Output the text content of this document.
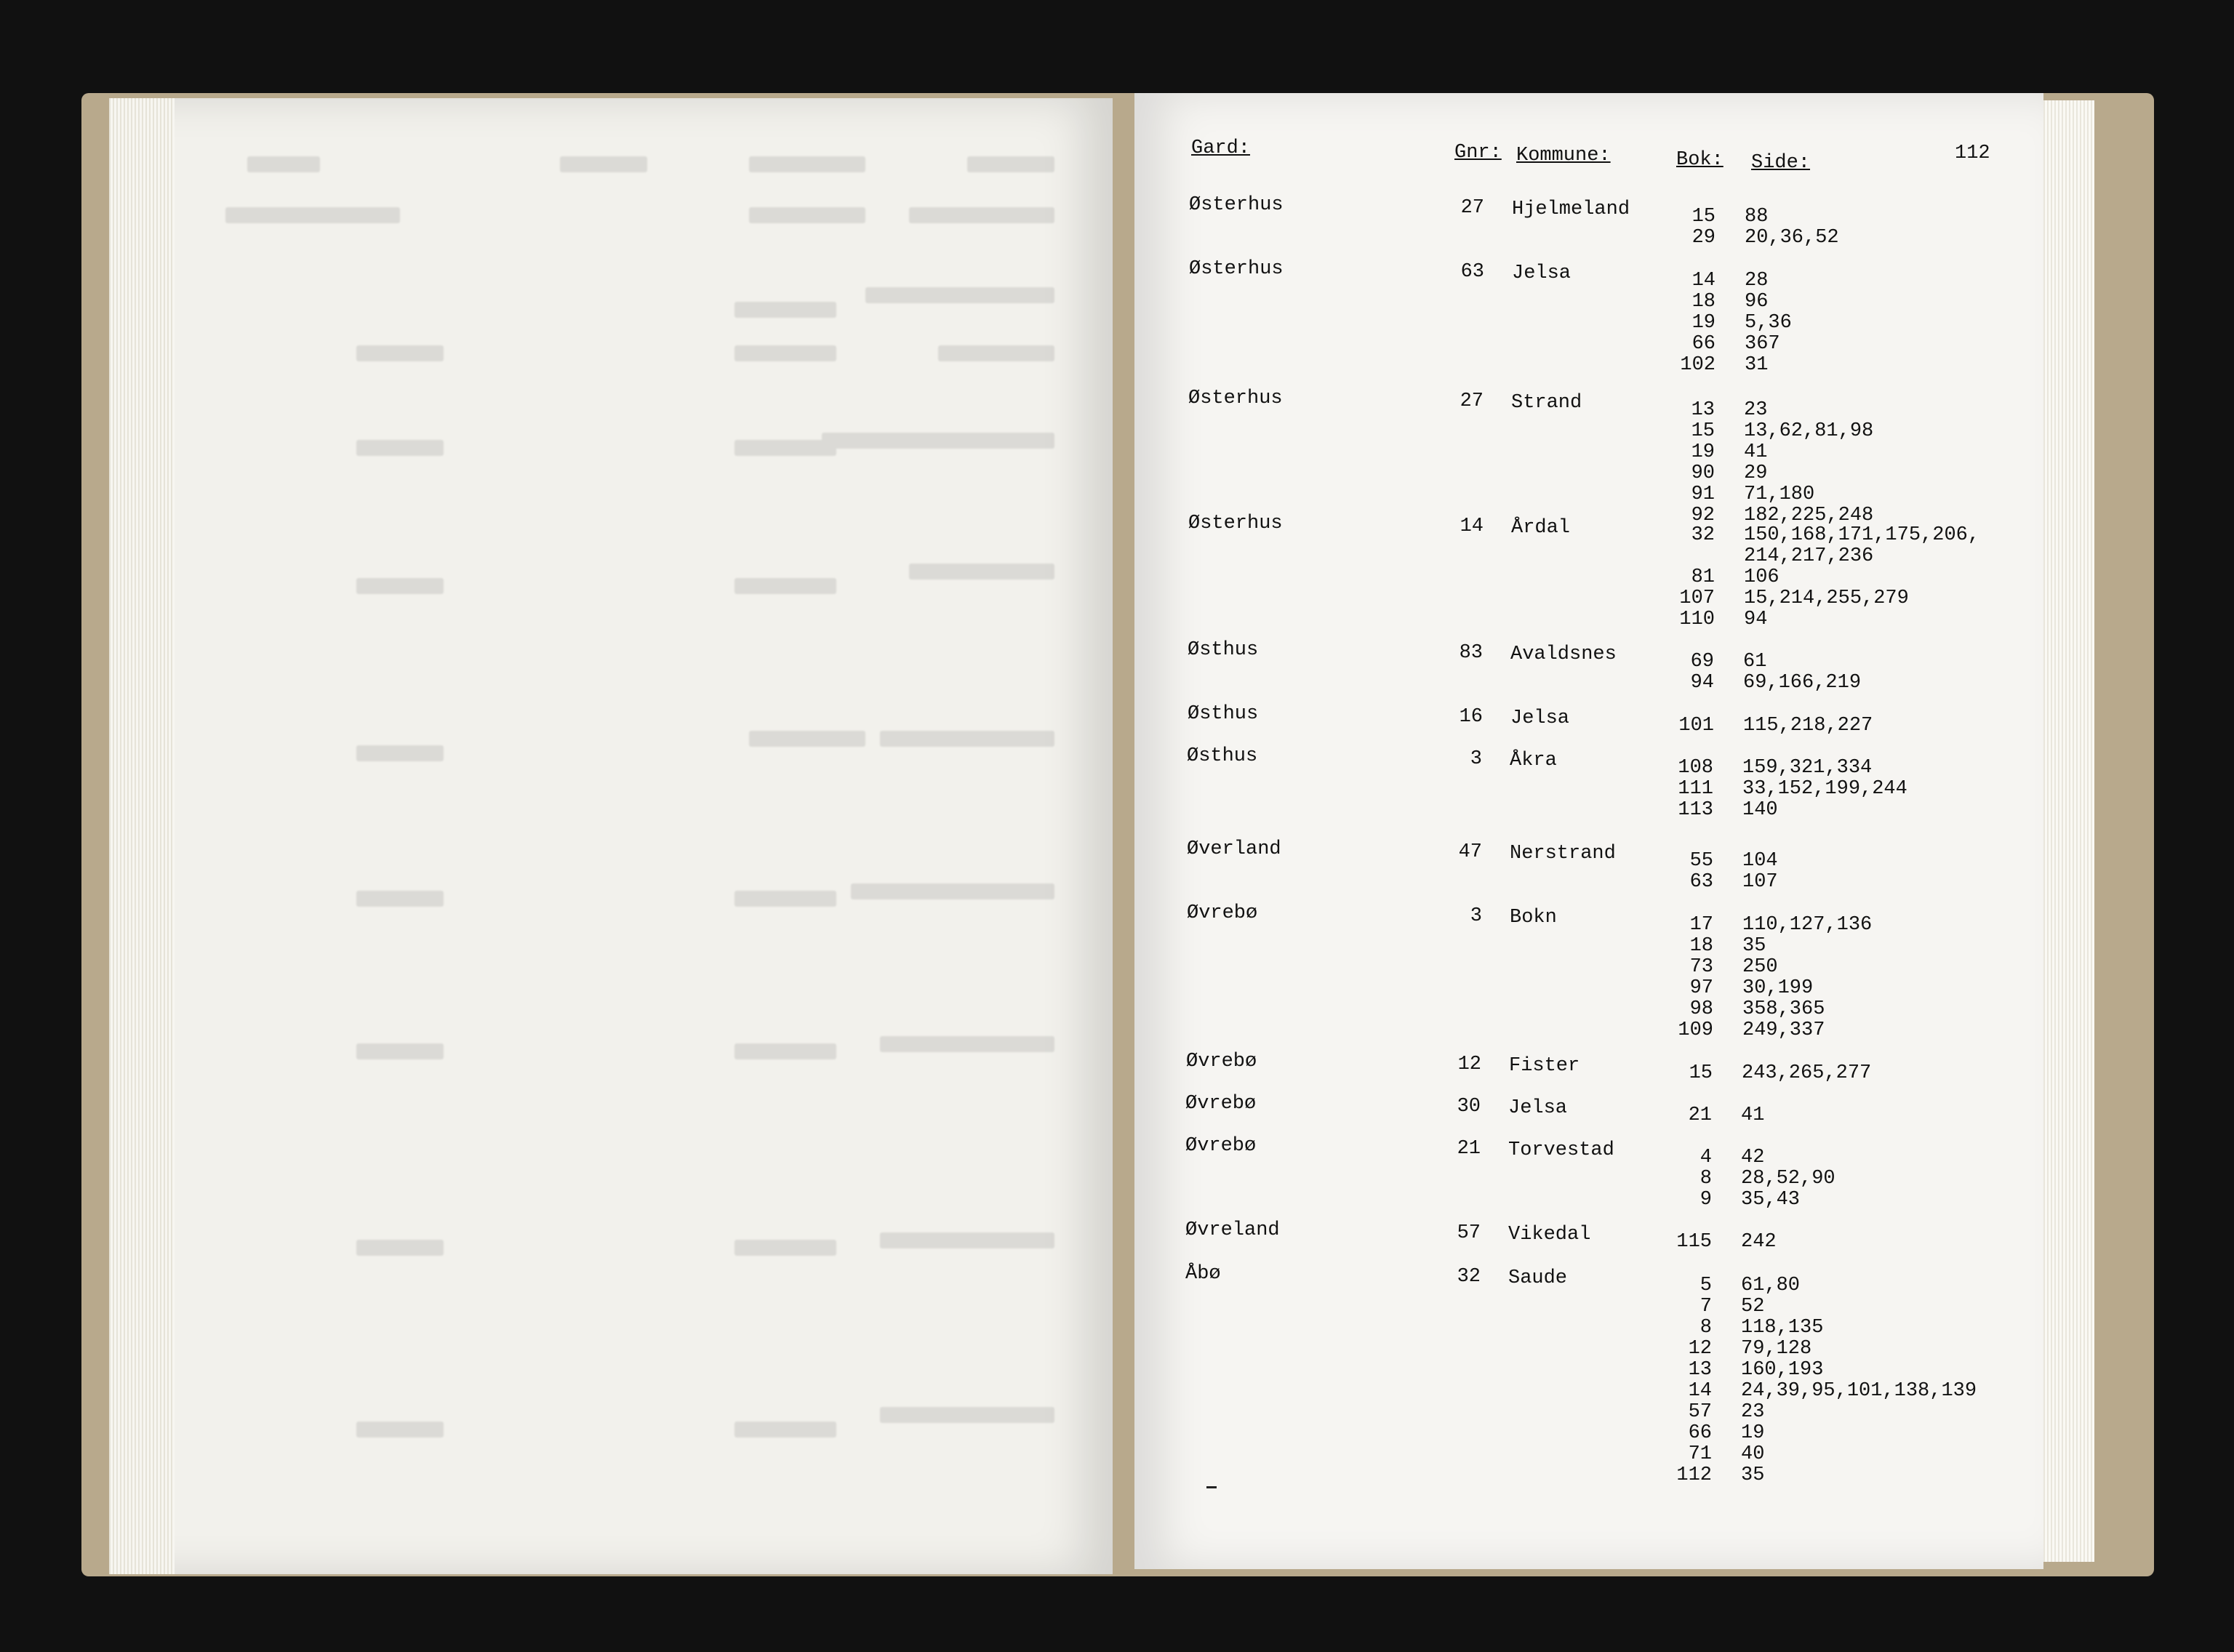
Gard:	Gnr: Kommune:	Bok: Side:	112
Østerhus	27 Hjelmeland	15 88
29 20,36,52
Østerhus	63 Jelsa	14 28
18 96
19 5,36
66 367
102 31
Østerhus	27 Strand	13 23
15 13,62,81,98
19 41
90 29
91 71,180
92 182,225,248
Østerhus	14 Årdal	32 150,168,171,175,206,
214,217,236
81 106
107 15,214,255,279
110 94
Østhus	83 Avaldsnes	69 61
94 69,166,219
Østhus	16 Jelsa	101 115,218,227
Østhus	3 Åkra	108 159,321,334
111 33,152,199,244
113 140
Øverland	47 Nerstrand	55 104
63 107
Øvrebø	3 Bokn	17 110,127,136
18 35
73 250
97 30,199
98 358,365
109 249,337
Øvrebø	12 Fister	15 243,265,277
Øvrebø	30 Jelsa	21 41
Øvrebø	21 Torvestad	4 42
8 28,52,90
9 35,43
Øvreland	57 Vikedal	115 242
Åbø	32 Saude	5 61,80
7 52
8 118,135
12 79,128
13 160,193
14 24,39,95,101,138,139
57 23
66 19
71 40
112 35
